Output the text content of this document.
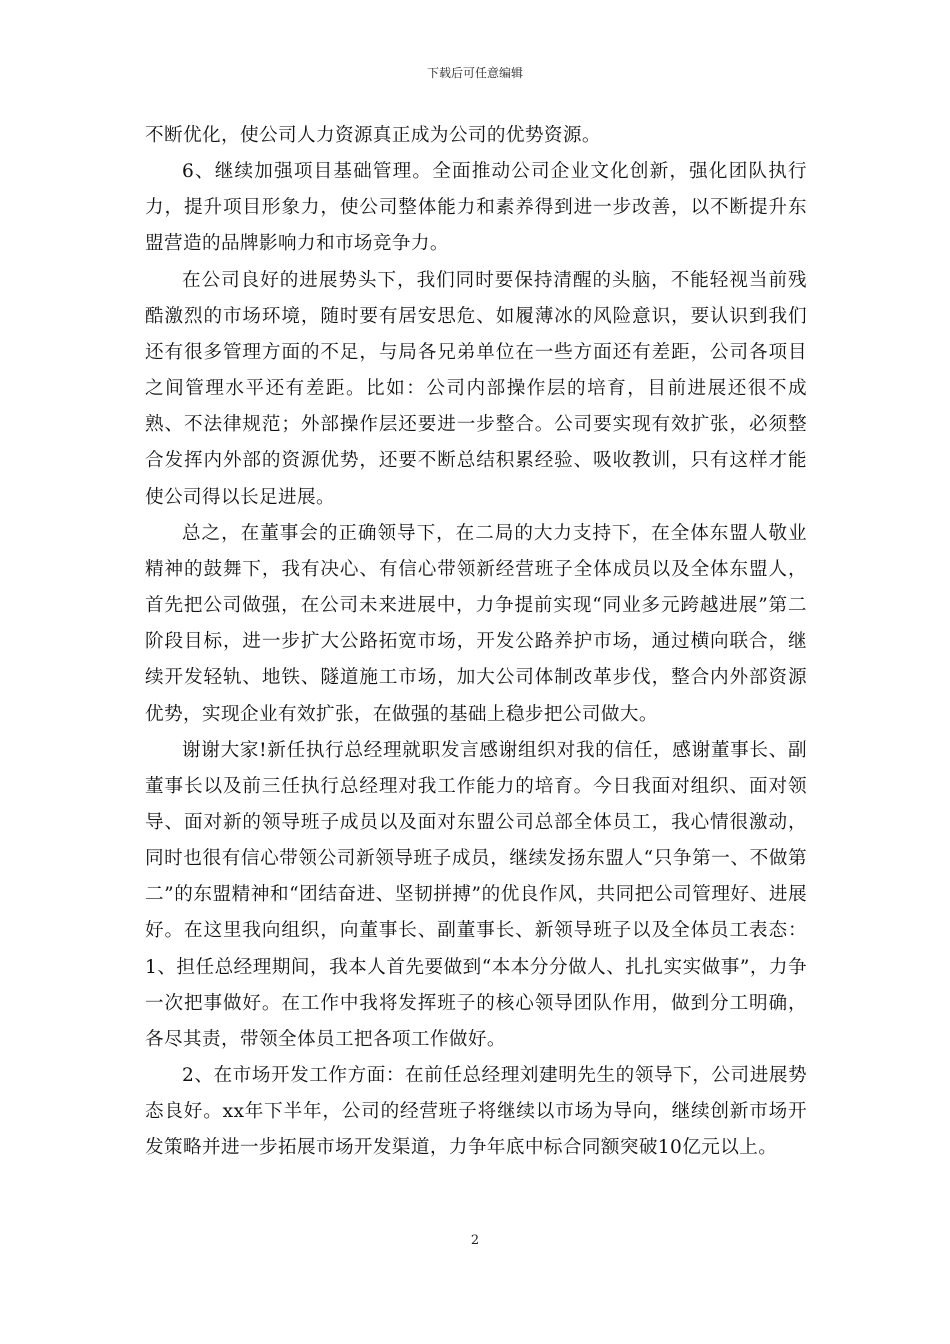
下载后可任意编辑

不断优化，使公司人力资源真正成为公司的优势资源。

6、继续加强项目基础管理。全面推动公司企业文化创新，强化团队执行力，提升项目形象力，使公司整体能力和素养得到进一步改善，以不断提升东盟营造的品牌影响力和市场竞争力。

在公司良好的进展势头下，我们同时要保持清醒的头脑，不能轻视当前残酷激烈的市场环境，随时要有居安思危、如履薄冰的风险意识，要认识到我们还有很多管理方面的不足，与局各兄弟单位在一些方面还有差距，公司各项目之间管理水平还有差距。比如：公司内部操作层的培育，目前进展还很不成熟、不法律规范；外部操作层还要进一步整合。公司要实现有效扩张，必须整合发挥内外部的资源优势，还要不断总结积累经验、吸收教训，只有这样才能使公司得以长足进展。

总之，在董事会的正确领导下，在二局的大力支持下，在全体东盟人敬业精神的鼓舞下，我有决心、有信心带领新经营班子全体成员以及全体东盟人，首先把公司做强，在公司未来进展中，力争提前实现“同业多元跨越进展”第二阶段目标，进一步扩大公路拓宽市场，开发公路养护市场，通过横向联合，继续开发轻轨、地铁、隧道施工市场，加大公司体制改革步伐，整合内外部资源优势，实现企业有效扩张，在做强的基础上稳步把公司做大。

谢谢大家!新任执行总经理就职发言感谢组织对我的信任，感谢董事长、副董事长以及前三任执行总经理对我工作能力的培育。今日我面对组织、面对领导、面对新的领导班子成员以及面对东盟公司总部全体员工，我心情很激动，同时也很有信心带领公司新领导班子成员，继续发扬东盟人“只争第一、不做第二”的东盟精神和“团结奋进、坚韧拼搏”的优良作风，共同把公司管理好、进展好。在这里我向组织，向董事长、副董事长、新领导班子以及全体员工表态：1、担任总经理期间，我本人首先要做到“本本分分做人、扎扎实实做事”，力争一次把事做好。在工作中我将发挥班子的核心领导团队作用，做到分工明确，各尽其责，带领全体员工把各项工作做好。

2、在市场开发工作方面：在前任总经理刘建明先生的领导下，公司进展势态良好。xx年下半年，公司的经营班子将继续以市场为导向，继续创新市场开发策略并进一步拓展市场开发渠道，力争年底中标合同额突破10亿元以上。

2
